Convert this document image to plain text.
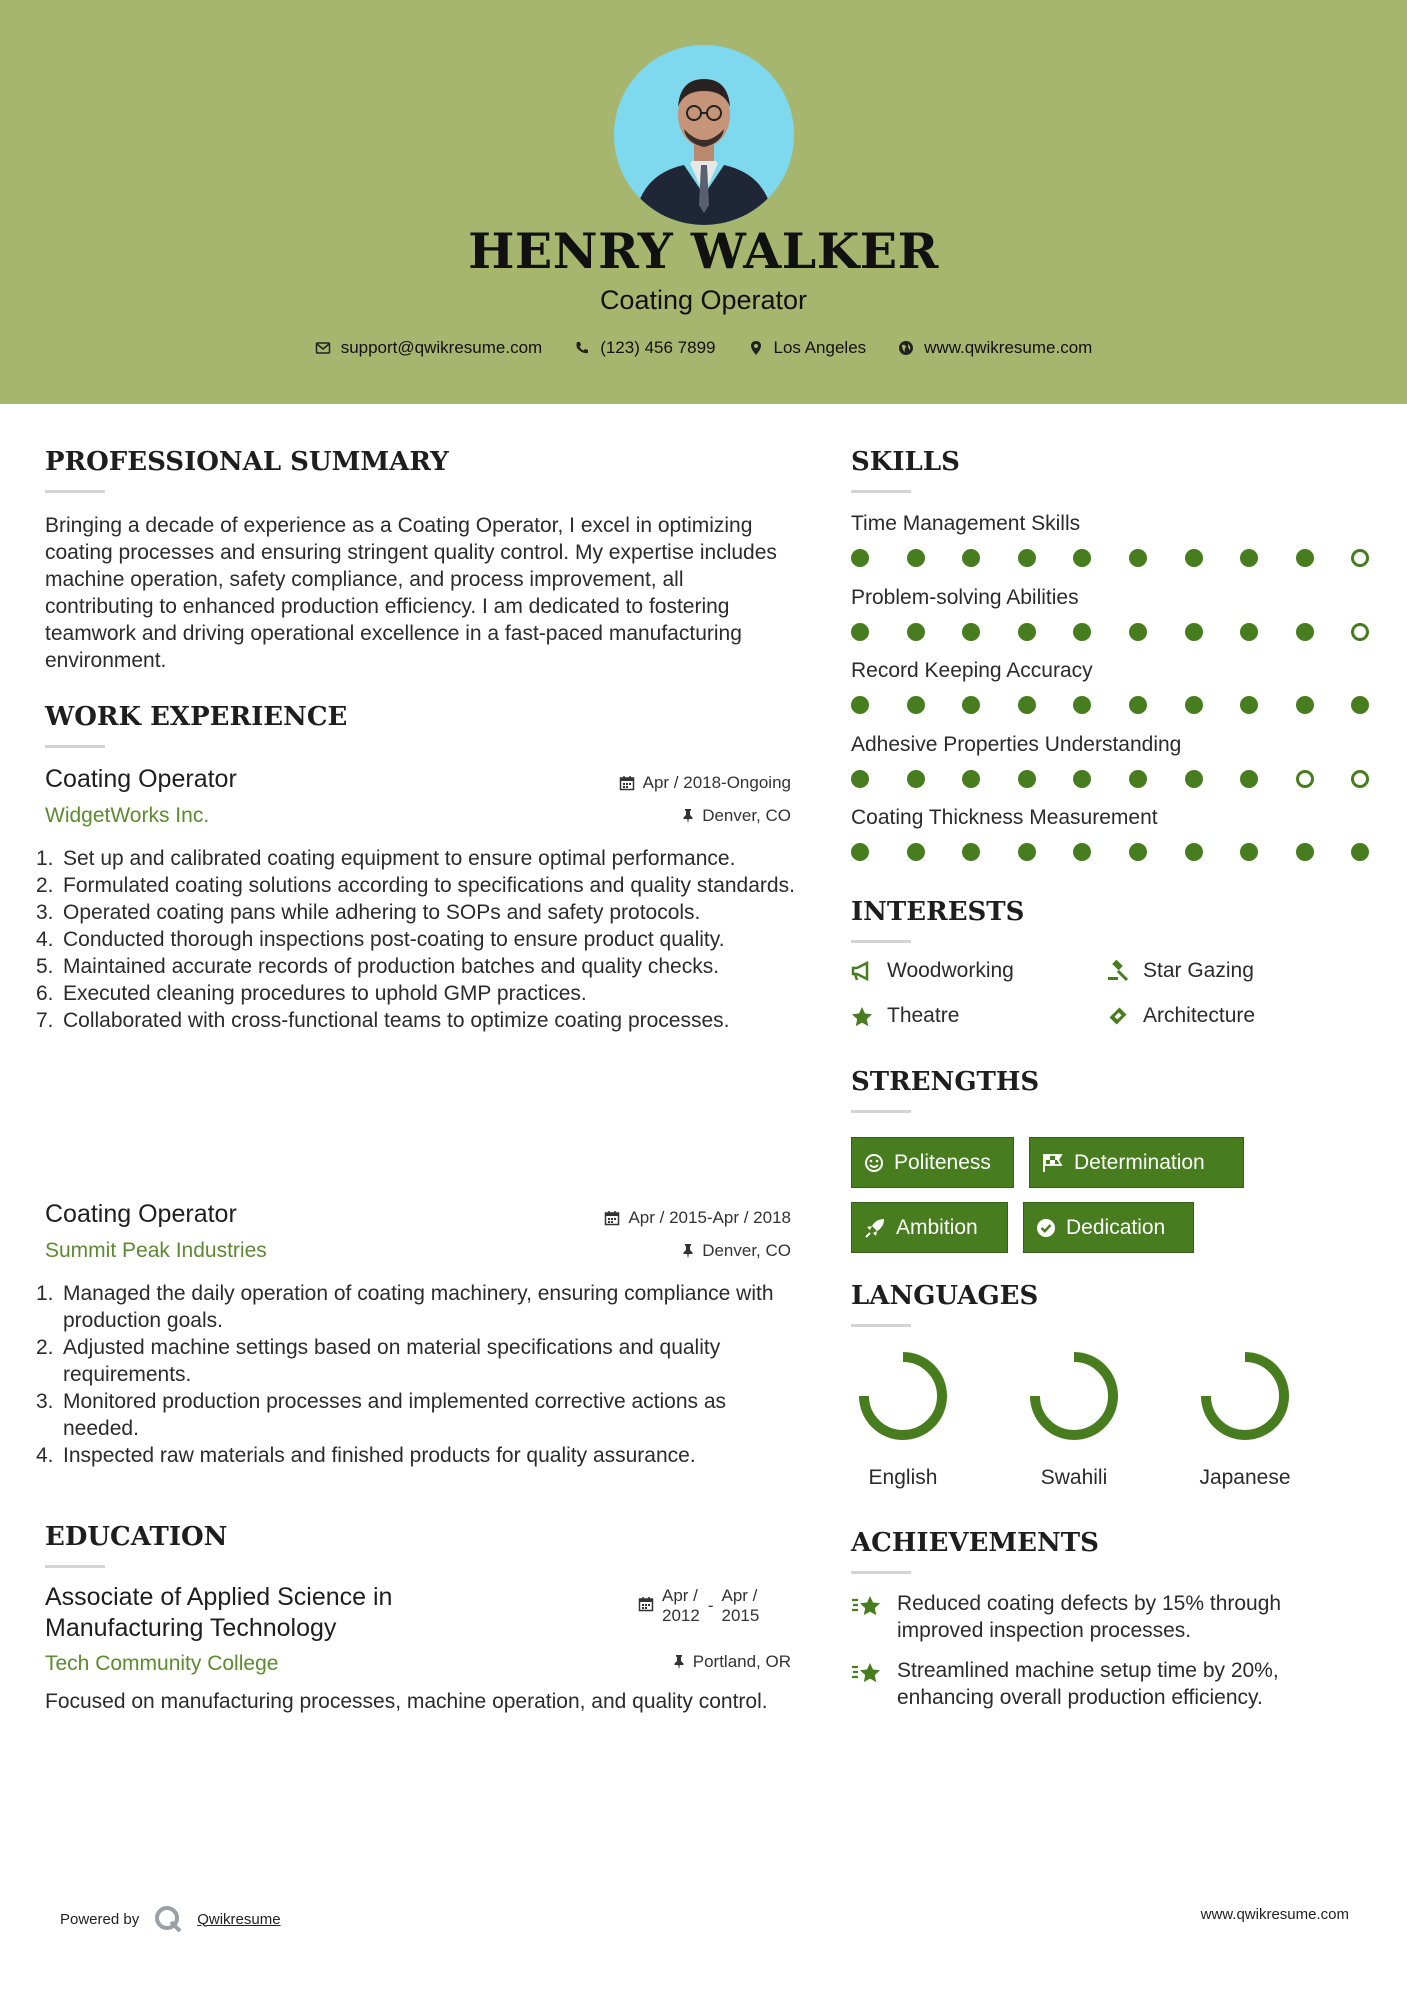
HENRY WALKER
Coating Operator
support@qwikresume.com	(123) 456 7899	Los Angeles	www.qwikresume.com
PROFESSIONAL SUMMARY
Bringing a decade of experience as a Coating Operator, I excel in optimizing coating processes and ensuring stringent quality control. My expertise includes machine operation, safety compliance, and process improvement, all contributing to enhanced production efficiency. I am dedicated to fostering teamwork and driving operational excellence in a fast-paced manufacturing environment.
WORK EXPERIENCE
Coating Operator	Apr / 2018-Ongoing
WidgetWorks Inc.	Denver, CO
1. Set up and calibrated coating equipment to ensure optimal performance.
2. Formulated coating solutions according to specifications and quality standards.
3. Operated coating pans while adhering to SOPs and safety protocols.
4. Conducted thorough inspections post-coating to ensure product quality.
5. Maintained accurate records of production batches and quality checks.
6. Executed cleaning procedures to uphold GMP practices.
7. Collaborated with cross-functional teams to optimize coating processes.
Coating Operator	Apr / 2015-Apr / 2018
Summit Peak Industries	Denver, CO
1. Managed the daily operation of coating machinery, ensuring compliance with production goals.
2. Adjusted machine settings based on material specifications and quality requirements.
3. Monitored production processes and implemented corrective actions as needed.
4. Inspected raw materials and finished products for quality assurance.
EDUCATION
Associate of Applied Science in
Manufacturing Technology
Apr /
2012
-
Apr /
2015
Tech Community College	Portland, OR
Focused on manufacturing processes, machine operation, and quality control.
SKILLS
Time Management Skills
Problem-solving Abilities
Record Keeping Accuracy
Adhesive Properties Understanding
Coating Thickness Measurement
INTERESTS
Woodworking	Star Gazing
Theatre	Architecture
STRENGTHS
Politeness	Determination
Ambition	Dedication
LANGUAGES
English	Swahili	Japanese
ACHIEVEMENTS
Reduced coating defects by 15% through
improved inspection processes.
Streamlined machine setup time by 20%,
enhancing overall production efficiency.
Powered by	Qwikresume	www.qwikresume.com
